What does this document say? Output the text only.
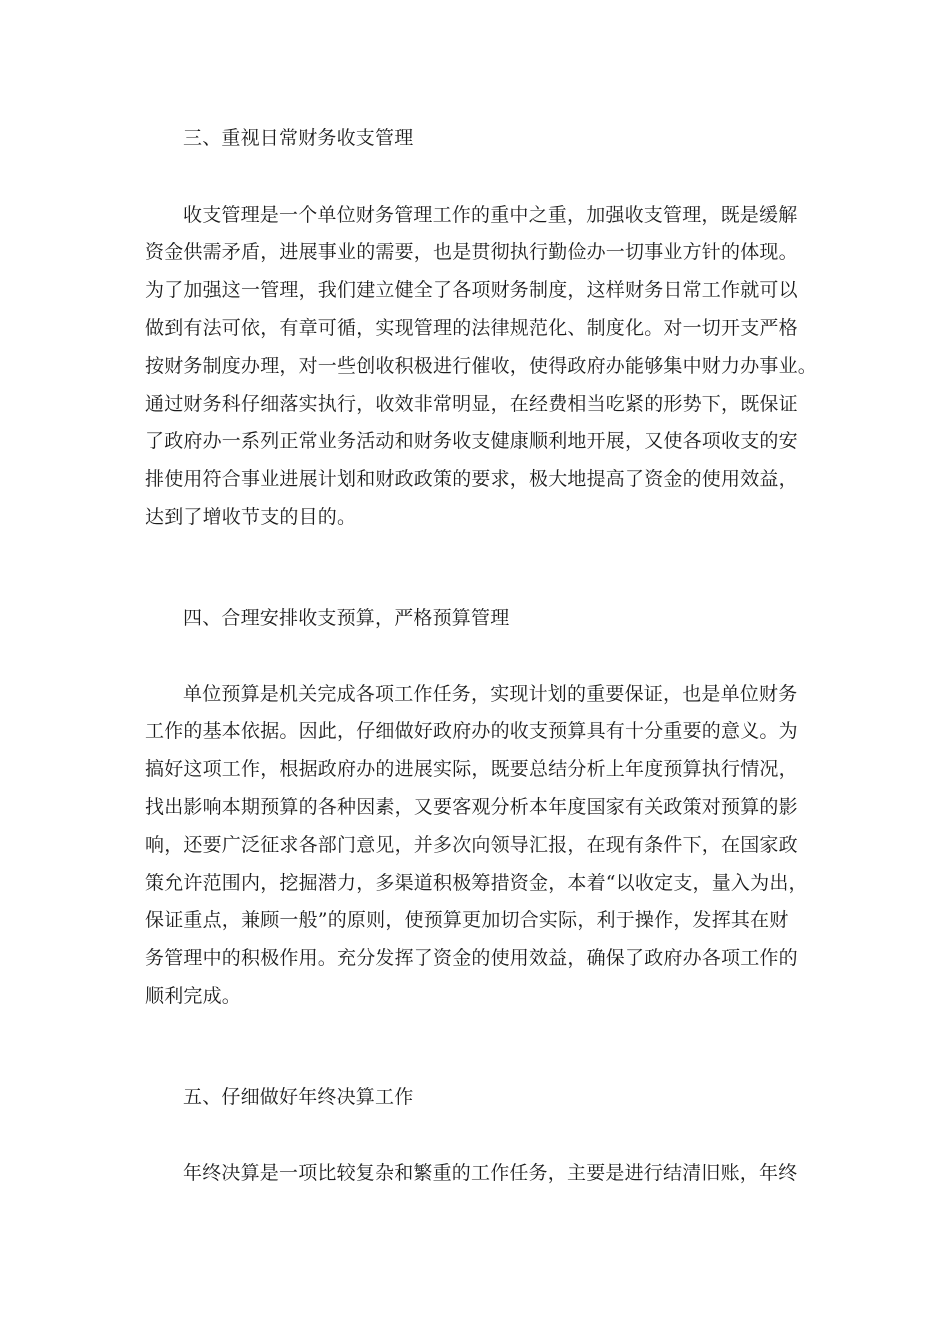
三、重视日常财务收支管理
收支管理是一个单位财务管理工作的重中之重，加强收支管理，既是缓解
资金供需矛盾，进展事业的需要，也是贯彻执行勤俭办一切事业方针的体现。
为了加强这一管理，我们建立健全了各项财务制度，这样财务日常工作就可以
做到有法可依，有章可循，实现管理的法律规范化、制度化。对一切开支严格
按财务制度办理，对一些创收积极进行催收，使得政府办能够集中财力办事业。
通过财务科仔细落实执行，收效非常明显，在经费相当吃紧的形势下，既保证
了政府办一系列正常业务活动和财务收支健康顺利地开展，又使各项收支的安
排使用符合事业进展计划和财政政策的要求，极大地提高了资金的使用效益，
达到了增收节支的目的。
四、合理安排收支预算，严格预算管理
单位预算是机关完成各项工作任务，实现计划的重要保证，也是单位财务
工作的基本依据。因此，仔细做好政府办的收支预算具有十分重要的意义。为
搞好这项工作，根据政府办的进展实际，既要总结分析上年度预算执行情况，
找出影响本期预算的各种因素，又要客观分析本年度国家有关政策对预算的影
响，还要广泛征求各部门意见，并多次向领导汇报，在现有条件下，在国家政
策允许范围内，挖掘潜力，多渠道积极筹措资金，本着“以收定支，量入为出，
保证重点，兼顾一般”的原则，使预算更加切合实际，利于操作，发挥其在财
务管理中的积极作用。充分发挥了资金的使用效益，确保了政府办各项工作的
顺利完成。
五、仔细做好年终决算工作
年终决算是一项比较复杂和繁重的工作任务，主要是进行结清旧账，年终
